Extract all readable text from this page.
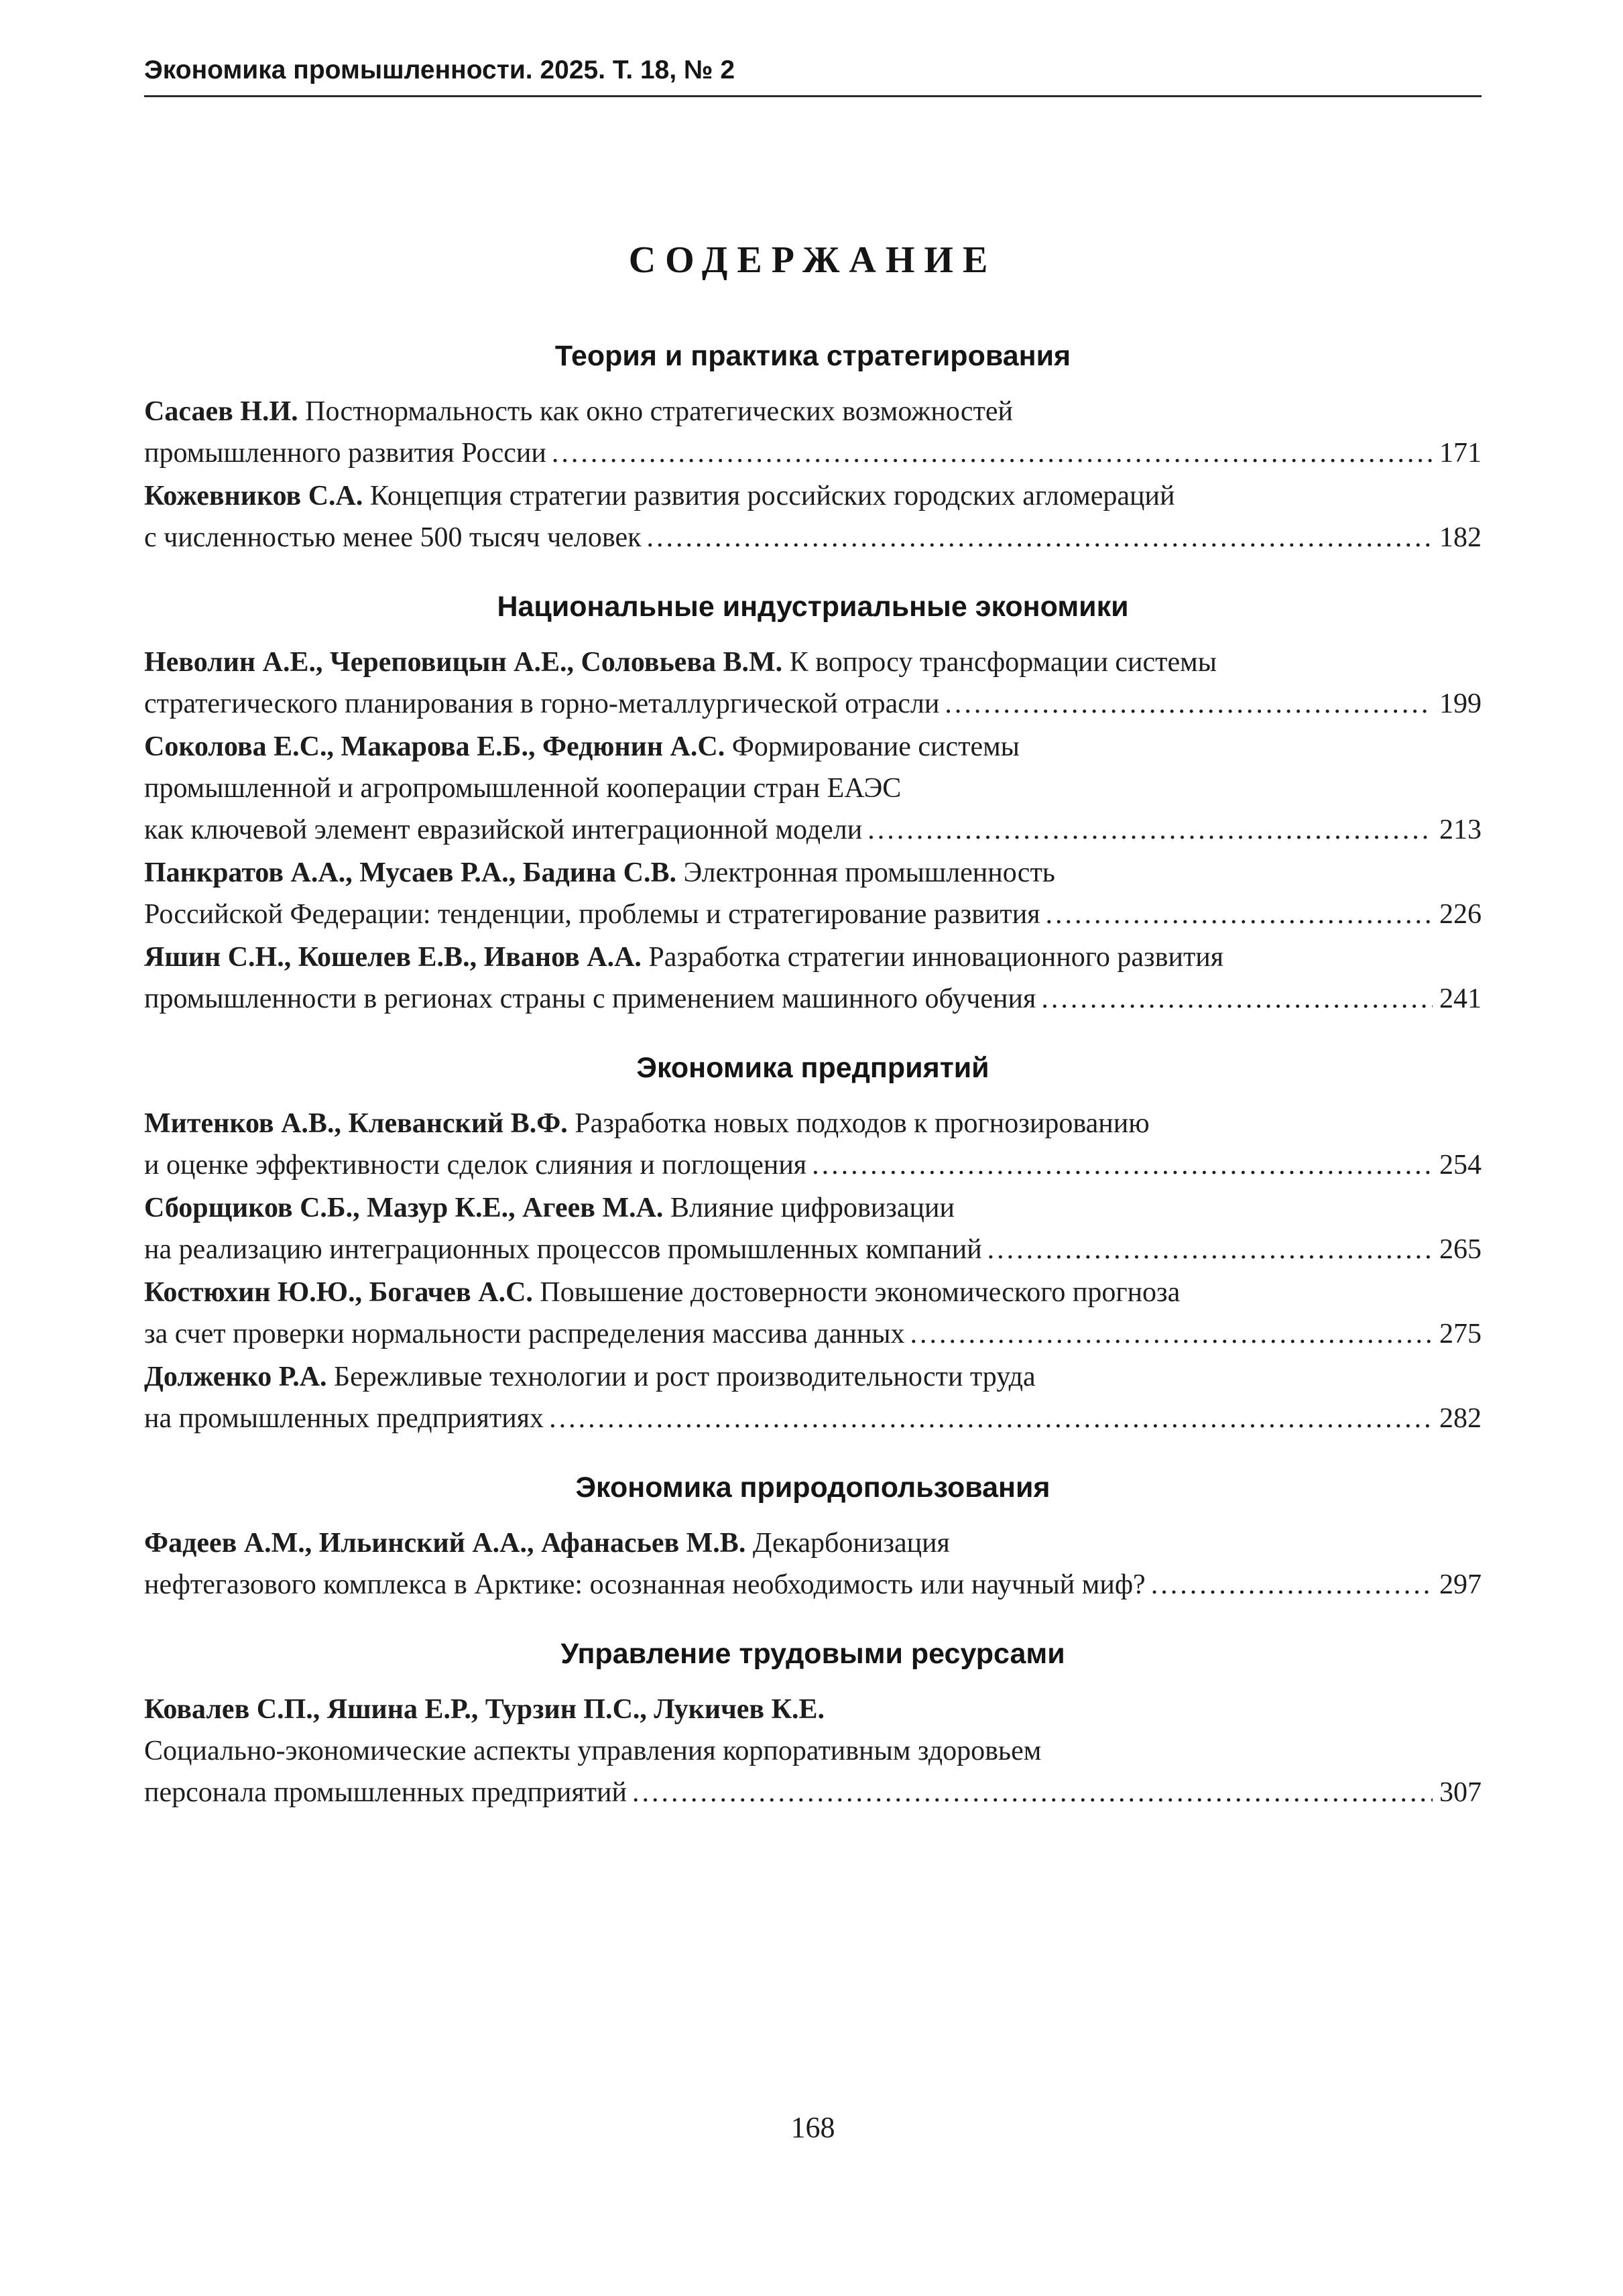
Экономика промышленности. 2025. Т. 18, № 2
СОДЕРЖАНИЕ
Теория и практика стратегирования
Сасаев Н.И. Постнормальность как окно стратегических возможностей
промышленного развития России .....	171
Кожевников С.А. Концепция стратегии развития российских городских агломераций
с численностью менее 500 тысяч человек .....	182
Национальные индустриальные экономики
Неволин А.Е., Череповицын А.Е., Соловьева В.М. К вопросу трансформации системы
стратегического планирования в горно-металлургической отрасли .....	199
Соколова Е.С., Макарова Е.Б., Федюнин А.С. Формирование системы
промышленной и агропромышленной кооперации стран ЕАЭС
как ключевой элемент евразийской интеграционной модели .....	213
Панкратов А.А., Мусаев Р.А., Бадина С.В. Электронная промышленность
Российской Федерации: тенденции, проблемы и стратегирование развития .....	226
Яшин С.Н., Кошелев Е.В., Иванов А.А. Разработка стратегии инновационного развития
промышленности в регионах страны с применением машинного обучения .....	241
Экономика предприятий
Митенков А.В., Клеванский В.Ф. Разработка новых подходов к прогнозированию
и оценке эффективности сделок слияния и поглощения .....	254
Сборщиков С.Б., Мазур К.Е., Агеев М.А. Влияние цифровизации
на реализацию интеграционных процессов промышленных компаний .....	265
Костюхин Ю.Ю., Богачев А.С. Повышение достоверности экономического прогноза
за счет проверки нормальности распределения массива данных .....	275
Долженко Р.А. Бережливые технологии и рост производительности труда
на промышленных предприятиях .....	282
Экономика природопользования
Фадеев А.М., Ильинский А.А., Афанасьев М.В. Декарбонизация
нефтегазового комплекса в Арктике: осознанная необходимость или научный миф? .....	297
Управление трудовыми ресурсами
Ковалев С.П., Яшина Е.Р., Турзин П.С., Лукичев К.Е.
Социально-экономические аспекты управления корпоративным здоровьем
персонала промышленных предприятий .....	307
168
